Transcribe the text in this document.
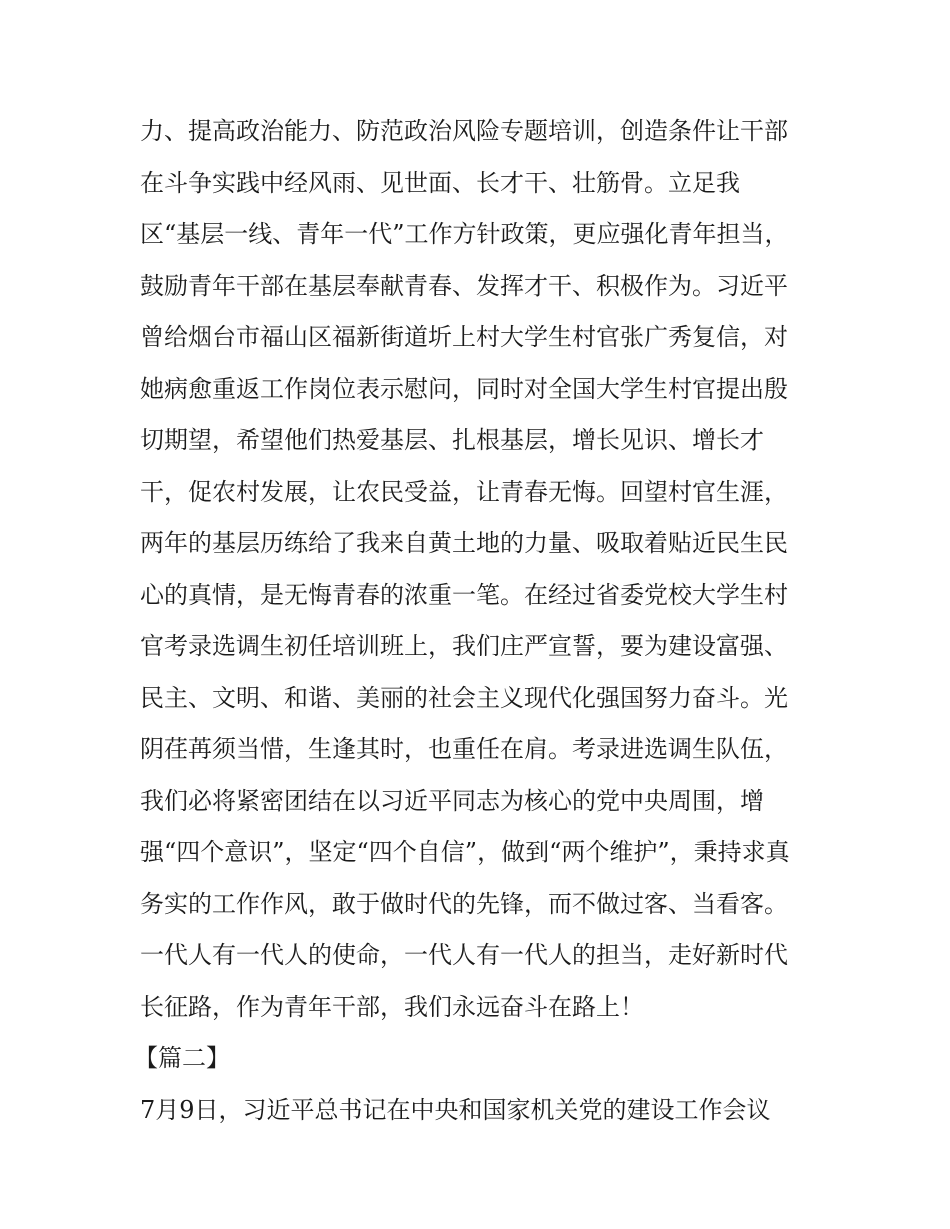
力、提高政治能力、防范政治风险专题培训，创造条件让干部
在斗争实践中经风雨、见世面、长才干、壮筋骨。立足我
区“基层一线、青年一代”工作方针政策，更应强化青年担当，
鼓励青年干部在基层奉献青春、发挥才干、积极作为。习近平
曾给烟台市福山区福新街道圻上村大学生村官张广秀复信，对
她病愈重返工作岗位表示慰问，同时对全国大学生村官提出殷
切期望，希望他们热爱基层、扎根基层，增长见识、增长才
干，促农村发展，让农民受益，让青春无悔。回望村官生涯，
两年的基层历练给了我来自黄土地的力量、吸取着贴近民生民
心的真情，是无悔青春的浓重一笔。在经过省委党校大学生村
官考录选调生初任培训班上，我们庄严宣誓，要为建设富强、
民主、文明、和谐、美丽的社会主义现代化强国努力奋斗。光
阴荏苒须当惜，生逢其时，也重任在肩。考录进选调生队伍，
我们必将紧密团结在以习近平同志为核心的党中央周围，增
强“四个意识”，坚定“四个自信”，做到“两个维护”，秉持求真
务实的工作作风，敢于做时代的先锋，而不做过客、当看客。
一代人有一代人的使命，一代人有一代人的担当，走好新时代
长征路，作为青年干部，我们永远奋斗在路上！
【篇二】
7月9日，习近平总书记在中央和国家机关党的建设工作会议
